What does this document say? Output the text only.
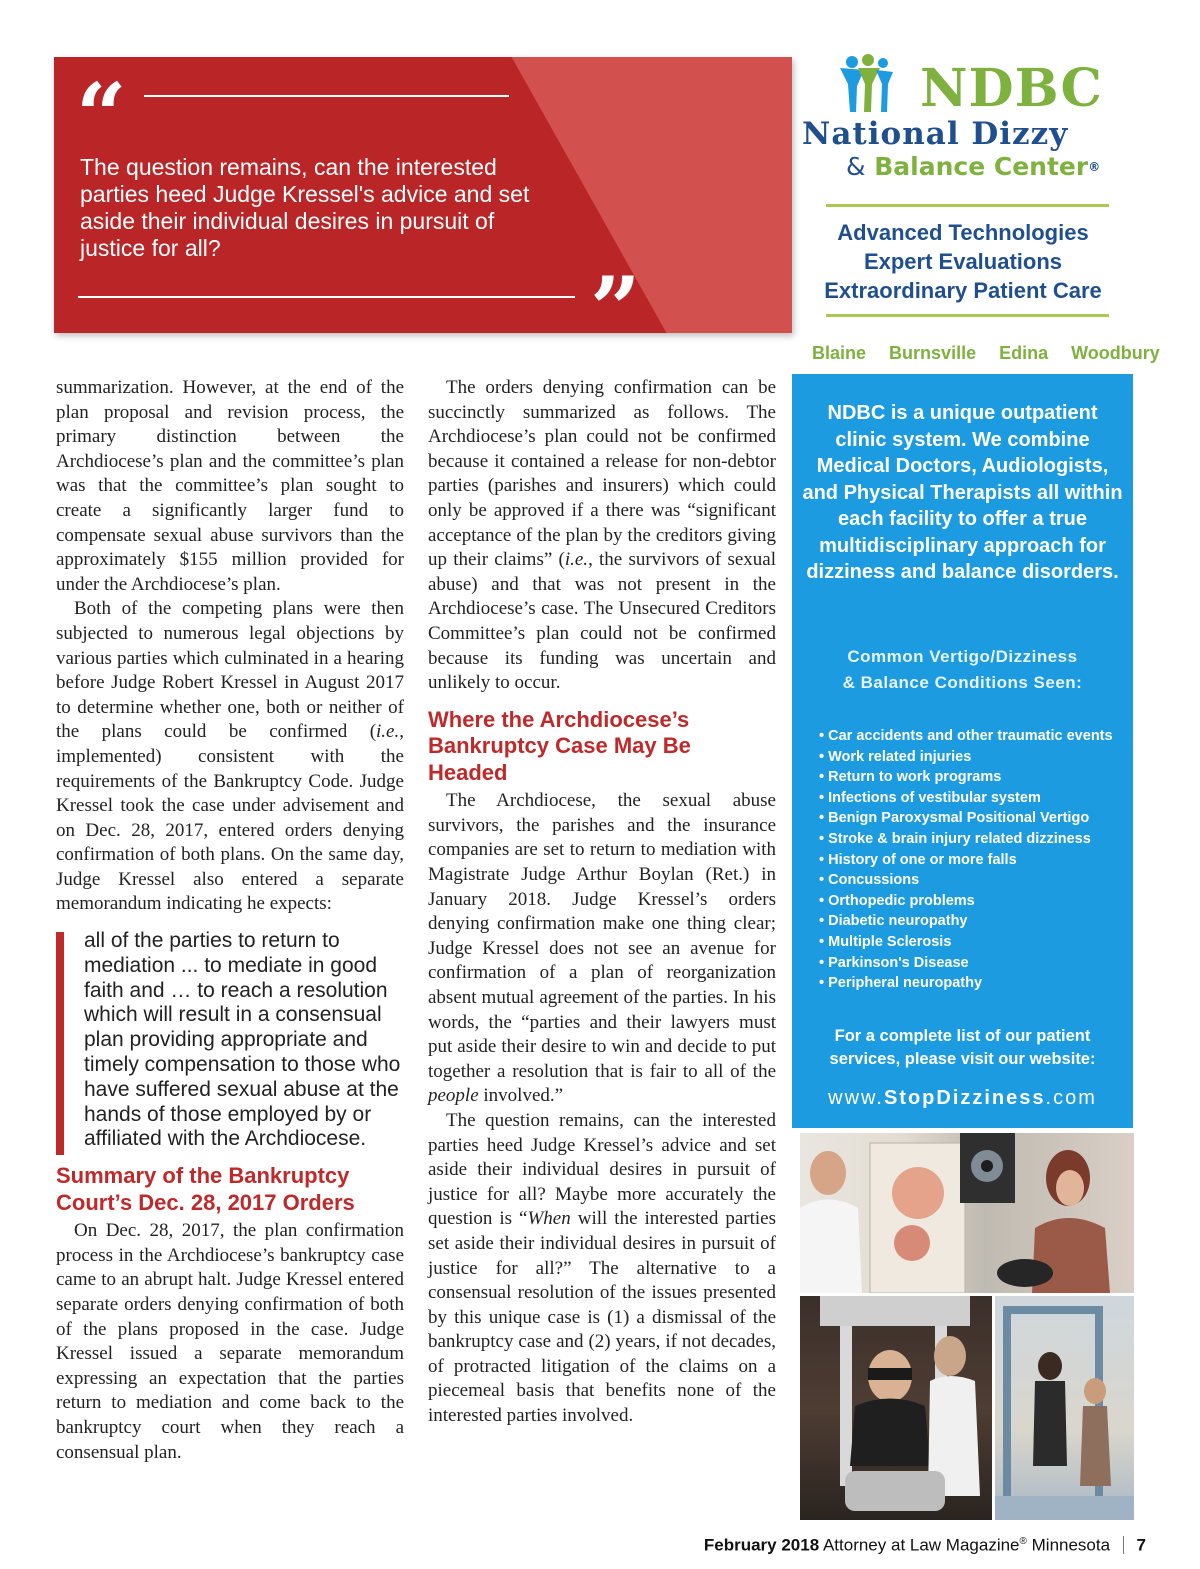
“
The question remains, can the interested parties heed Judge Kressel's advice and set aside their individual desires in pursuit of justice for all?
”
NDBC
National Dizzy
& Balance Center®
Advanced Technologies
Expert Evaluations
Extraordinary Patient Care
Blaine Burnsville Edina Woodbury
NDBC is a unique outpatient clinic system. We combine Medical Doctors, Audiologists, and Physical Therapists all within each facility to offer a true multidisciplinary approach for dizziness and balance disorders.
Common Vertigo/Dizziness
& Balance Conditions Seen:
• Car accidents and other traumatic events
• Work related injuries
• Return to work programs
• Infections of vestibular system
• Benign Paroxysmal Positional Vertigo
• Stroke & brain injury related dizziness
• History of one or more falls
• Concussions
• Orthopedic problems
• Diabetic neuropathy
• Multiple Sclerosis
• Parkinson's Disease
• Peripheral neuropathy
For a complete list of our patient services, please visit our website:
www.StopDizziness.com

summarization. However, at the end of the plan proposal and revision process, the primary distinction between the Archdiocese’s plan and the committee’s plan was that the committee’s plan sought to create a significantly larger fund to compensate sexual abuse survivors than the approximately $155 million provided for under the Archdiocese’s plan.

Both of the competing plans were then subjected to numerous legal objections by various parties which culminated in a hearing before Judge Robert Kressel in August 2017 to determine whether one, both or neither of the plans could be confirmed (i.e., implemented) consistent with the requirements of the Bankruptcy Code. Judge Kressel took the case under advisement and on Dec. 28, 2017, entered orders denying confirmation of both plans. On the same day, Judge Kressel also entered a separate memorandum indicating he expects:

all of the parties to return to mediation ... to mediate in good faith and … to reach a resolution which will result in a consensual plan providing appropriate and timely compensation to those who have suffered sexual abuse at the hands of those employed by or affiliated with the Archdiocese.
Summary of the Bankruptcy Court’s Dec. 28, 2017 Orders

On Dec. 28, 2017, the plan confirmation process in the Archdiocese’s bankruptcy case came to an abrupt halt. Judge Kressel entered separate orders denying confirmation of both of the plans proposed in the case. Judge Kressel issued a separate memorandum expressing an expectation that the parties return to mediation and come back to the bankruptcy court when they reach a consensual plan.

The orders denying confirmation can be succinctly summarized as follows. The Archdiocese’s plan could not be confirmed because it contained a release for non-debtor parties (parishes and insurers) which could only be approved if a there was “significant acceptance of the plan by the creditors giving up their claims” (i.e., the survivors of sexual abuse) and that was not present in the Archdiocese’s case. The Unsecured Creditors Committee’s plan could not be confirmed because its funding was uncertain and unlikely to occur.

Where the Archdiocese’s Bankruptcy Case May Be Headed

The Archdiocese, the sexual abuse survivors, the parishes and the insurance companies are set to return to mediation with Magistrate Judge Arthur Boylan (Ret.) in January 2018. Judge Kressel’s orders denying confirmation make one thing clear; Judge Kressel does not see an avenue for confirmation of a plan of reorganization absent mutual agreement of the parties. In his words, the “parties and their lawyers must put aside their desire to win and decide to put together a resolution that is fair to all of the people involved.”

The question remains, can the interested parties heed Judge Kressel’s advice and set aside their individual desires in pursuit of justice for all? Maybe more accurately the question is “When will the interested parties set aside their individual desires in pursuit of justice for all?” The alternative to a consensual resolution of the issues presented by this unique case is (1) a dismissal of the bankruptcy case and (2) years, if not decades, of protracted litigation of the claims on a piecemeal basis that benefits none of the interested parties involved.

February 2018 Attorney at Law Magazine® Minnesota 7
